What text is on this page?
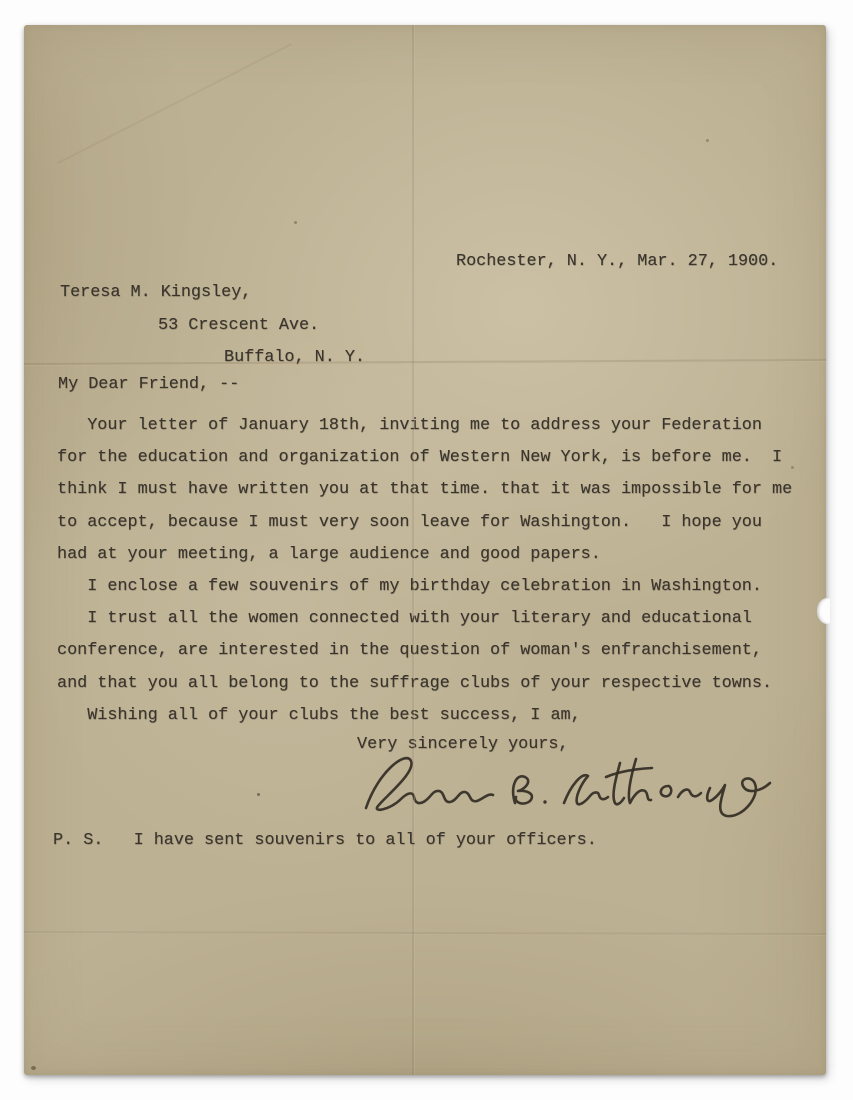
Rochester, N. Y., Mar. 27, 1900.
Teresa M. Kingsley,
53 Crescent Ave.
Buffalo, N. Y.
My Dear Friend, --
Your letter of January 18th, inviting me to address your Federation
for the education and organization of Western New York, is before me.  I
think I must have written you at that time. that it was impossible for me
to accept, because I must very soon leave for Washington.   I hope you
had at your meeting, a large audience and good papers.
I enclose a few souvenirs of my birthday celebration in Washington.
I trust all the women connected with your literary and educational
conference, are interested in the question of woman's enfranchisement,
and that you all belong to the suffrage clubs of your respective towns.
Wishing all of your clubs the best success, I am,
Very sincerely yours,
P. S.   I have sent souvenirs to all of your officers.
